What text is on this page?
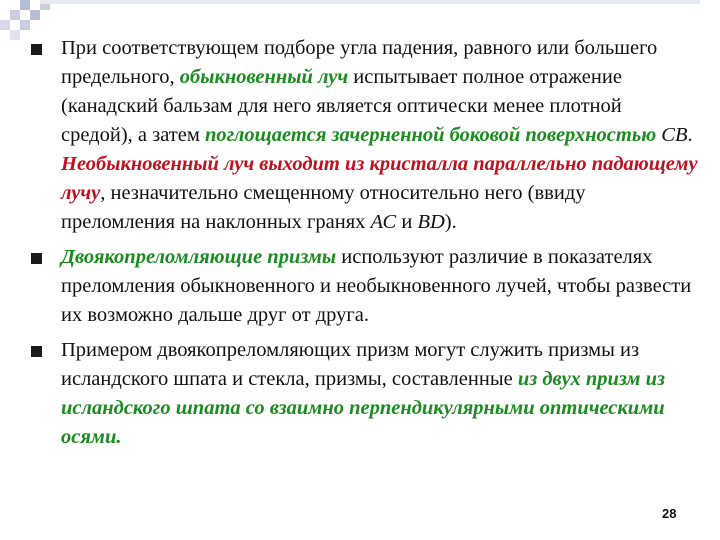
При соответствующем подборе угла падения, равного или большего предельного, обыкновенный луч испытывает полное отражение (канадский бальзам для него является оптически менее плотной средой), а затем поглощается зачерненной боковой поверхностью СВ. Необыкновенный луч выходит из кристалла параллельно падающему лучу, незначительно смещенному относительно него (ввиду преломления на наклонных гранях АС и BD).
Двоякопреломляющие призмы используют различие в показателях преломления обыкновенного и необыкновенного лучей, чтобы развести их возможно дальше друг от друга.
Примером двоякопреломляющих призм могут служить призмы из исландского шпата и стекла, призмы, составленные из двух призм из исландского шпата со взаимно перпендикулярными оптическими осями.
28
